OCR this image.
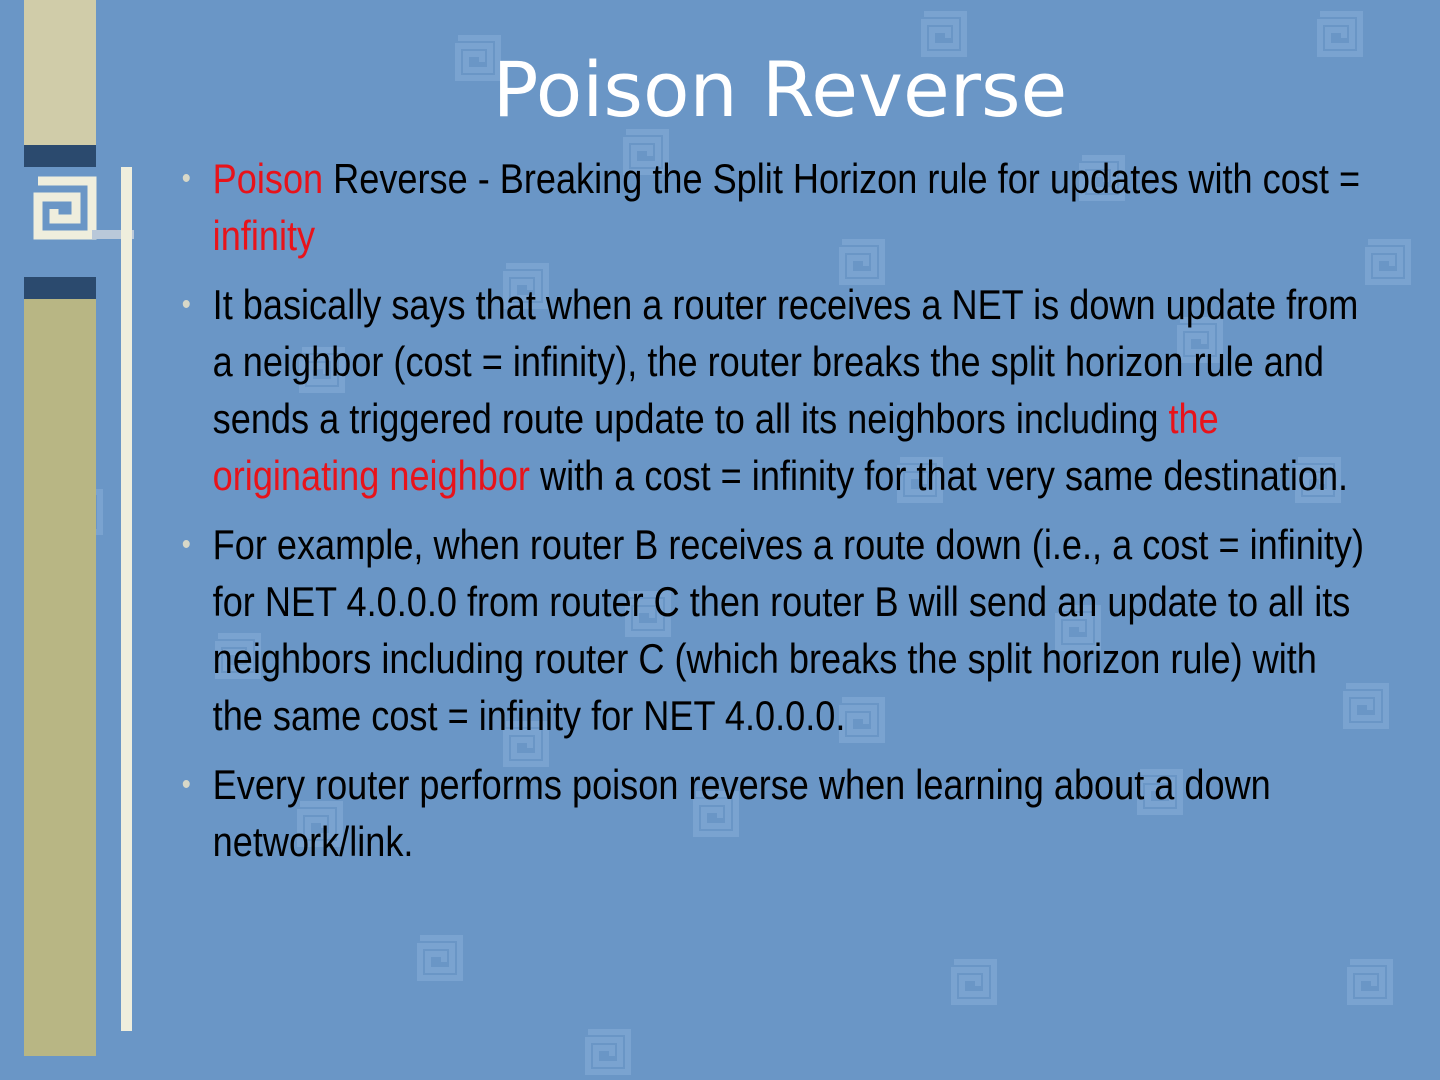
Poison Reverse
• Poison Reverse - Breaking the Split Horizon rule for updates with cost = infinity
• It basically says that when a router receives a NET is down update from a neighbor (cost = infinity), the router breaks the split horizon rule and sends a triggered route update to all its neighbors including the originating neighbor with a cost = infinity for that very same destination.
• For example, when router B receives a route down (i.e., a cost = infinity) for NET 4.0.0.0 from router C then router B will send an update to all its neighbors including router C (which breaks the split horizon rule) with the same cost = infinity for NET 4.0.0.0.
• Every router performs poison reverse when learning about a down network/link.
